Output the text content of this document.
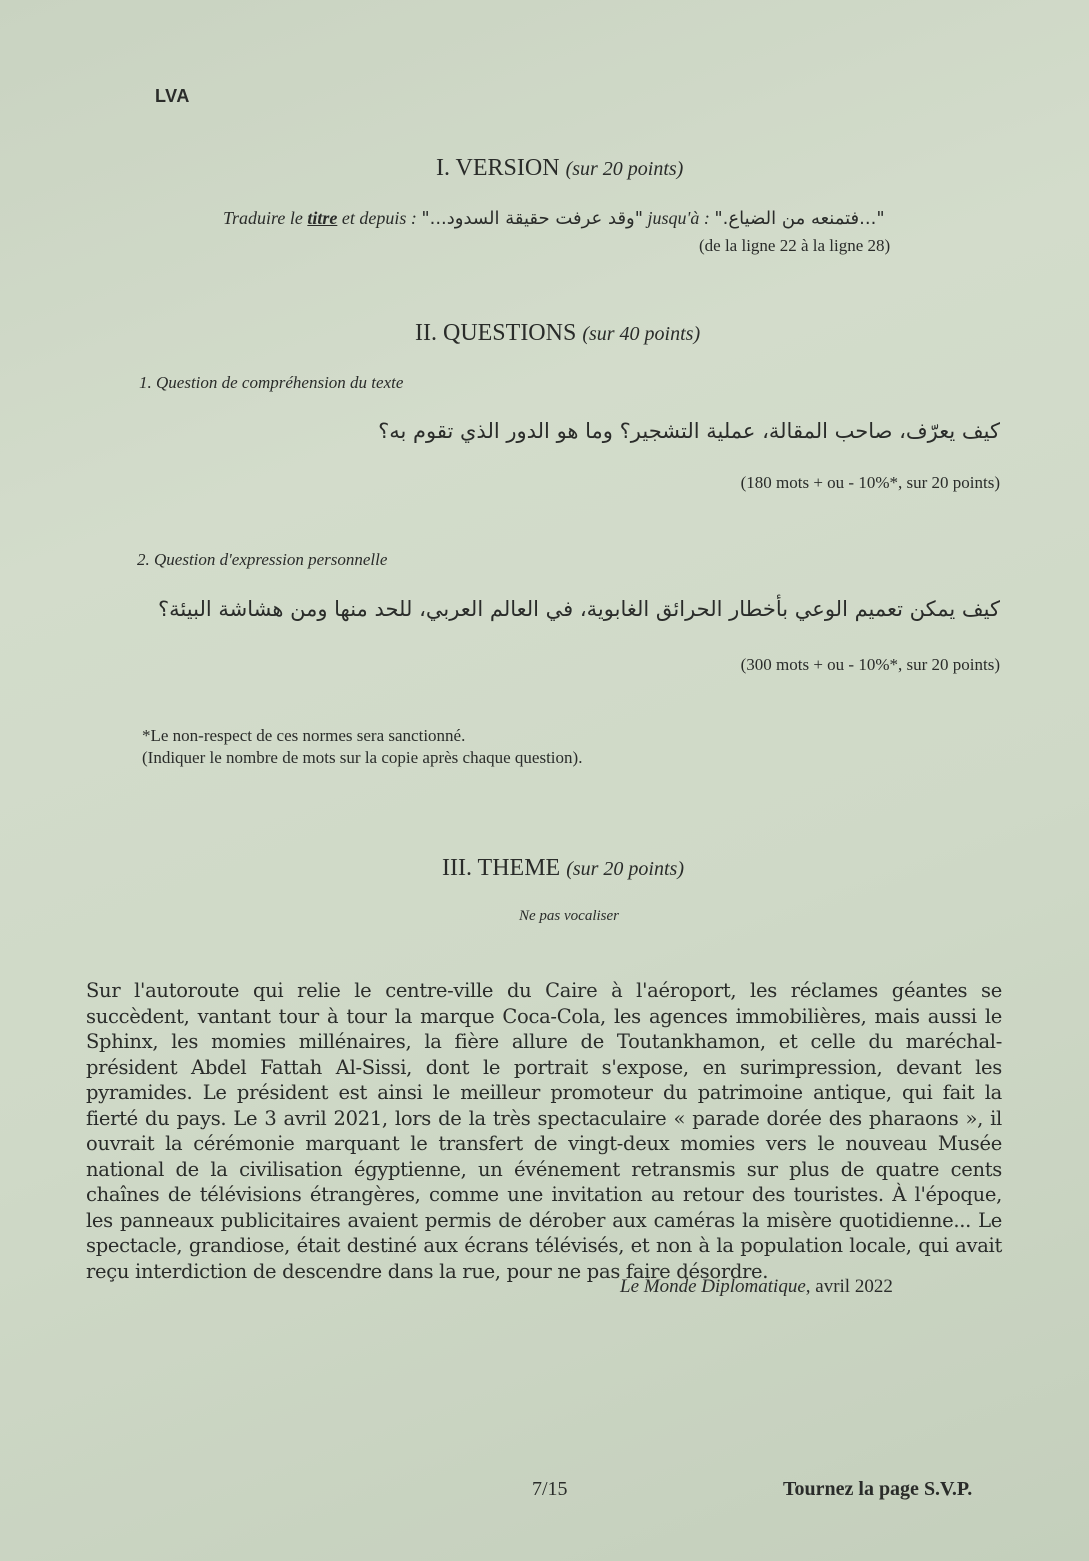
LVA
I. VERSION (sur 20 points)
Traduire le titre et depuis : "وقد عرفت حقيقة السدود..." jusqu'à : "...فتمنعه من الضياع."
(de la ligne 22 à la ligne 28)
II. QUESTIONS (sur 40 points)
1. Question de compréhension du texte
كيف يعرّف، صاحب المقالة، عملية التشجير؟ وما هو الدور الذي تقوم به؟
(180 mots + ou - 10%*, sur 20 points)
2. Question d'expression personnelle
كيف يمكن تعميم الوعي بأخطار الحرائق الغابوية، في العالم العربي، للحد منها ومن هشاشة البيئة؟
(300 mots + ou - 10%*, sur 20 points)
*Le non-respect de ces normes sera sanctionné.
(Indiquer le nombre de mots sur la copie après chaque question).
III. THEME (sur 20 points)
Ne pas vocaliser
Sur l'autoroute qui relie le centre-ville du Caire à l'aéroport, les réclames géantes se succèdent, vantant tour à tour la marque Coca-Cola, les agences immobilières, mais aussi le Sphinx, les momies millénaires, la fière allure de Toutankhamon, et celle du maréchal-président Abdel Fattah Al-Sissi, dont le portrait s'expose, en surimpression, devant les pyramides. Le président est ainsi le meilleur promoteur du patrimoine antique, qui fait la fierté du pays. Le 3 avril 2021, lors de la très spectaculaire « parade dorée des pharaons », il ouvrait la cérémonie marquant le transfert de vingt-deux momies vers le nouveau Musée national de la civilisation égyptienne, un événement retransmis sur plus de quatre cents chaînes de télévisions étrangères, comme une invitation au retour des touristes. À l'époque, les panneaux publicitaires avaient permis de dérober aux caméras la misère quotidienne... Le spectacle, grandiose, était destiné aux écrans télévisés, et non à la population locale, qui avait reçu interdiction de descendre dans la rue, pour ne pas faire désordre.
Le Monde Diplomatique, avril 2022
7/15	Tournez la page S.V.P.
